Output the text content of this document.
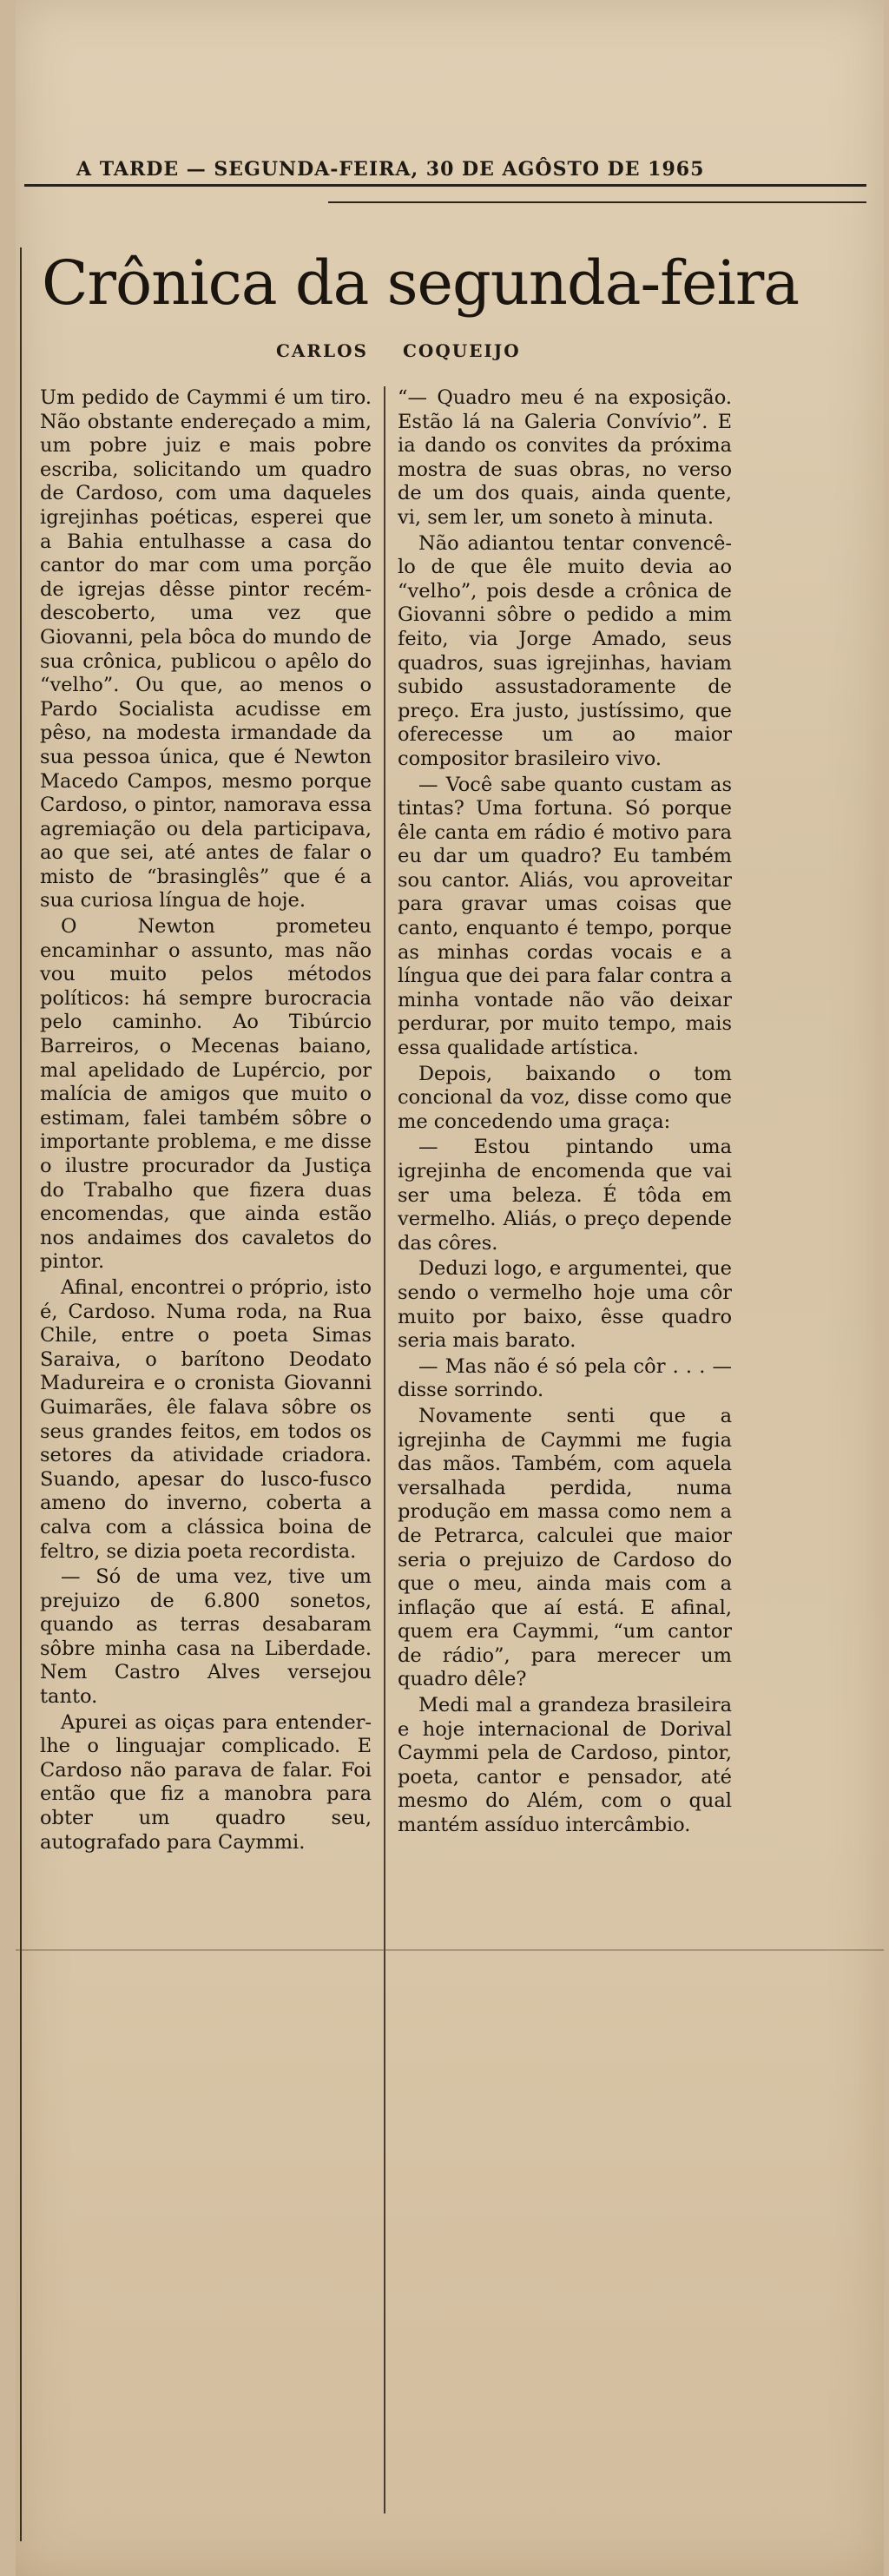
A TARDE — SEGUNDA-FEIRA, 30 DE AGÔSTO DE 1965
Crônica da segunda-feira
CARLOS COQUEIJO

Um pedido de Caymmi é um tiro. Não obstante endereçado a mim, um pobre juiz e mais pobre escriba, solicitando um quadro de Cardoso, com uma daqueles igrejinhas poéticas, esperei que a Bahia entulhasse a casa do cantor do mar com uma porção de igrejas dêsse pintor recém-descoberto, uma vez que Giovanni, pela bôca do mundo de sua crônica, publicou o apêlo do “velho”. Ou que, ao menos o Pardo Socialista acudisse em pêso, na modesta irmandade da sua pessoa única, que é Newton Macedo Campos, mesmo porque Cardoso, o pintor, namorava essa agremiação ou dela participava, ao que sei, até antes de falar o misto de “brasinglês” que é a sua curiosa língua de hoje.

O Newton prometeu encaminhar o assunto, mas não vou muito pelos métodos políticos: há sempre burocracia pelo caminho. Ao Tibúrcio Barreiros, o Mecenas baiano, mal apelidado de Lupércio, por malícia de amigos que muito o estimam, falei também sôbre o importante problema, e me disse o ilustre procurador da Justiça do Trabalho que fizera duas encomendas, que ainda estão nos andaimes dos cavaletos do pintor.

Afinal, encontrei o próprio, isto é, Cardoso. Numa roda, na Rua Chile, entre o poeta Simas Saraiva, o barítono Deodato Madureira e o cronista Giovanni Guimarães, êle falava sôbre os seus grandes feitos, em todos os setores da atividade criadora. Suando, apesar do lusco-fusco ameno do inverno, coberta a calva com a clássica boina de feltro, se dizia poeta recordista.

— Só de uma vez, tive um prejuizo de 6.800 sonetos, quando as terras desabaram sôbre minha casa na Liberdade. Nem Castro Alves versejou tanto.

Apurei as oiças para entender-lhe o linguajar complicado. E Cardoso não parava de falar. Foi então que fiz a manobra para obter um quadro seu, autografado para Caymmi.

“— Quadro meu é na exposição. Estão lá na Galeria Convívio”. E ia dando os convites da próxima mostra de suas obras, no verso de um dos quais, ainda quente, vi, sem ler, um soneto à minuta.

Não adiantou tentar convencê-lo de que êle muito devia ao “velho”, pois desde a crônica de Giovanni sôbre o pedido a mim feito, via Jorge Amado, seus quadros, suas igrejinhas, haviam subido assustadoramente de preço. Era justo, justíssimo, que oferecesse um ao maior compositor brasileiro vivo.

— Você sabe quanto custam as tintas? Uma fortuna. Só porque êle canta em rádio é motivo para eu dar um quadro? Eu também sou cantor. Aliás, vou aproveitar para gravar umas coisas que canto, enquanto é tempo, porque as minhas cordas vocais e a língua que dei para falar contra a minha vontade não vão deixar perdurar, por muito tempo, mais essa qualidade artística.

Depois, baixando o tom concional da voz, disse como que me concedendo uma graça:

— Estou pintando uma igrejinha de encomenda que vai ser uma beleza. É tôda em vermelho. Aliás, o preço depende das côres.

Deduzi logo, e argumentei, que sendo o vermelho hoje uma côr muito por baixo, êsse quadro seria mais barato.

— Mas não é só pela côr . . . — disse sorrindo.

Novamente senti que a igrejinha de Caymmi me fugia das mãos. Também, com aquela versalhada perdida, numa produção em massa como nem a de Petrarca, calculei que maior seria o prejuizo de Cardoso do que o meu, ainda mais com a inflação que aí está. E afinal, quem era Caymmi, “um cantor de rádio”, para merecer um quadro dêle?

Medi mal a grandeza brasileira e hoje internacional de Dorival Caymmi pela de Cardoso, pintor, poeta, cantor e pensador, até mesmo do Além, com o qual mantém assíduo intercâmbio.
